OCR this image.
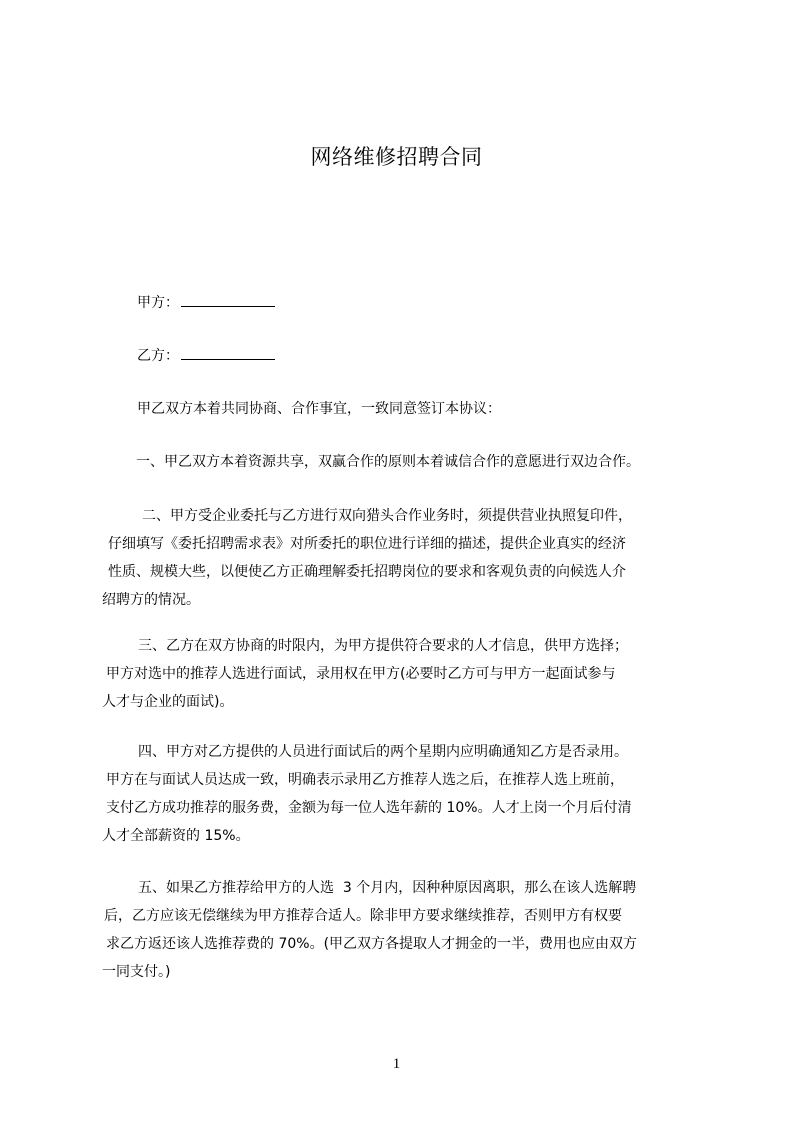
网络维修招聘合同
甲方：
乙方：
甲乙双方本着共同协商、合作事宜，一致同意签订本协议：
一、甲乙双方本着资源共享，双赢合作的原则本着诚信合作的意愿进行双边合作。
二、甲方受企业委托与乙方进行双向猎头合作业务时，须提供营业执照复印件，
仔细填写《委托招聘需求表》对所委托的职位进行详细的描述，提供企业真实的经济
性质、规模大些，以便使乙方正确理解委托招聘岗位的要求和客观负责的向候选人介
绍聘方的情况。
三、乙方在双方协商的时限内，为甲方提供符合要求的人才信息，供甲方选择；
甲方对选中的推荐人选进行面试，录用权在甲方(必要时乙方可与甲方一起面试参与
人才与企业的面试)。
四、甲方对乙方提供的人员进行面试后的两个星期内应明确通知乙方是否录用。
甲方在与面试人员达成一致，明确表示录用乙方推荐人选之后，在推荐人选上班前，
支付乙方成功推荐的服务费，金额为每一位人选年薪的 10%。人才上岗一个月后付清
人才全部薪资的 15%。
五、如果乙方推荐给甲方的人选  3 个月内，因种种原因离职，那么在该人选解聘
后，乙方应该无偿继续为甲方推荐合适人。除非甲方要求继续推荐，否则甲方有权要
求乙方返还该人选推荐费的 70%。(甲乙双方各提取人才拥金的一半，费用也应由双方
一同支付。)
1
